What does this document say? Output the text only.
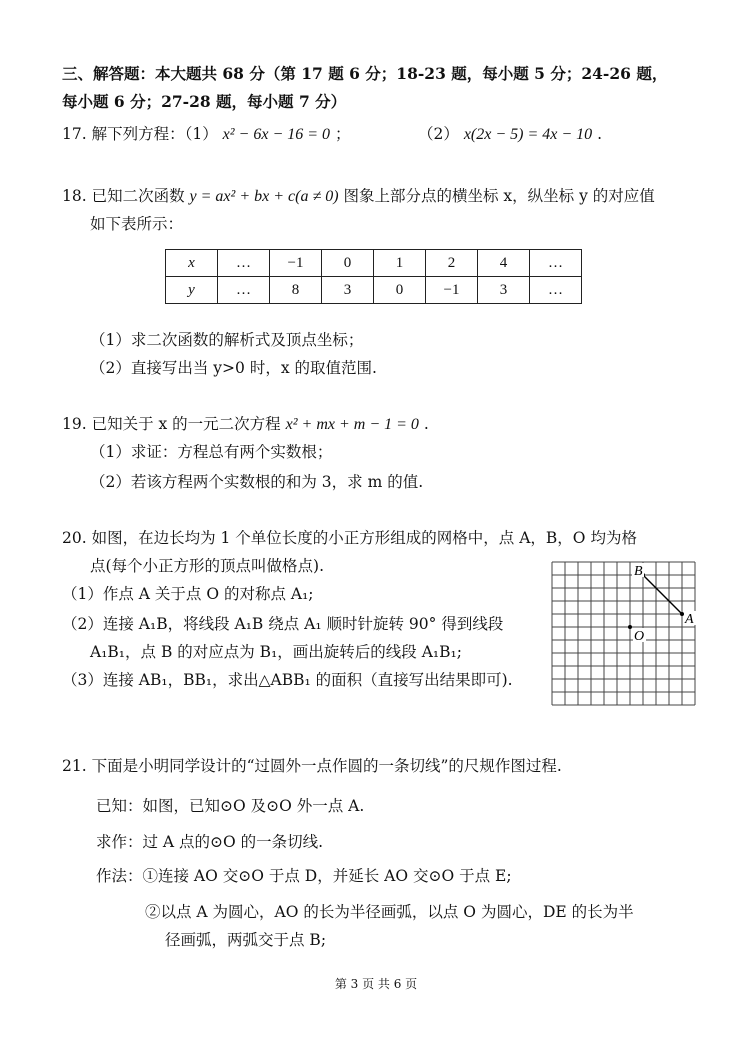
三、解答题：本大题共 68 分（第 17 题 6 分；18-23 题，每小题 5 分；24-26 题，
每小题 6 分；27-28 题，每小题 7 分）
17. 解下列方程：（1） x² − 6x − 16 = 0 ；	（2） x(2x − 5) = 4x − 10 .
18. 已知二次函数 y = ax² + bx + c(a ≠ 0) 图象上部分点的横坐标 x，纵坐标 y 的对应值
如下表所示：
x	…	−1	0	1	2	4	…
y	…	8	3	0	−1	3	…
（1）求二次函数的解析式及顶点坐标；
（2）直接写出当 y>0 时，x 的取值范围.
19. 已知关于 x 的一元二次方程 x² + mx + m − 1 = 0 .
（1）求证：方程总有两个实数根；
（2）若该方程两个实数根的和为 3，求 m 的值.
20. 如图，在边长均为 1 个单位长度的小正方形组成的网格中，点 A，B，O 均为格
点(每个小正方形的顶点叫做格点).
（1）作点 A 关于点 O 的对称点 A₁;
（2）连接 A₁B，将线段 A₁B 绕点 A₁ 顺时针旋转 90° 得到线段
A₁B₁，点 B 的对应点为 B₁，画出旋转后的线段 A₁B₁;
（3）连接 AB₁，BB₁，求出△ABB₁ 的面积（直接写出结果即可).
B
A
O
21. 下面是小明同学设计的“过圆外一点作圆的一条切线”的尺规作图过程.
已知：如图，已知⊙O 及⊙O 外一点 A.
求作：过 A 点的⊙O 的一条切线.
作法：①连接 AO 交⊙O 于点 D，并延长 AO 交⊙O 于点 E;
②以点 A 为圆心，AO 的长为半径画弧，以点 O 为圆心，DE 的长为半
径画弧，两弧交于点 B;
第 3 页 共 6 页
